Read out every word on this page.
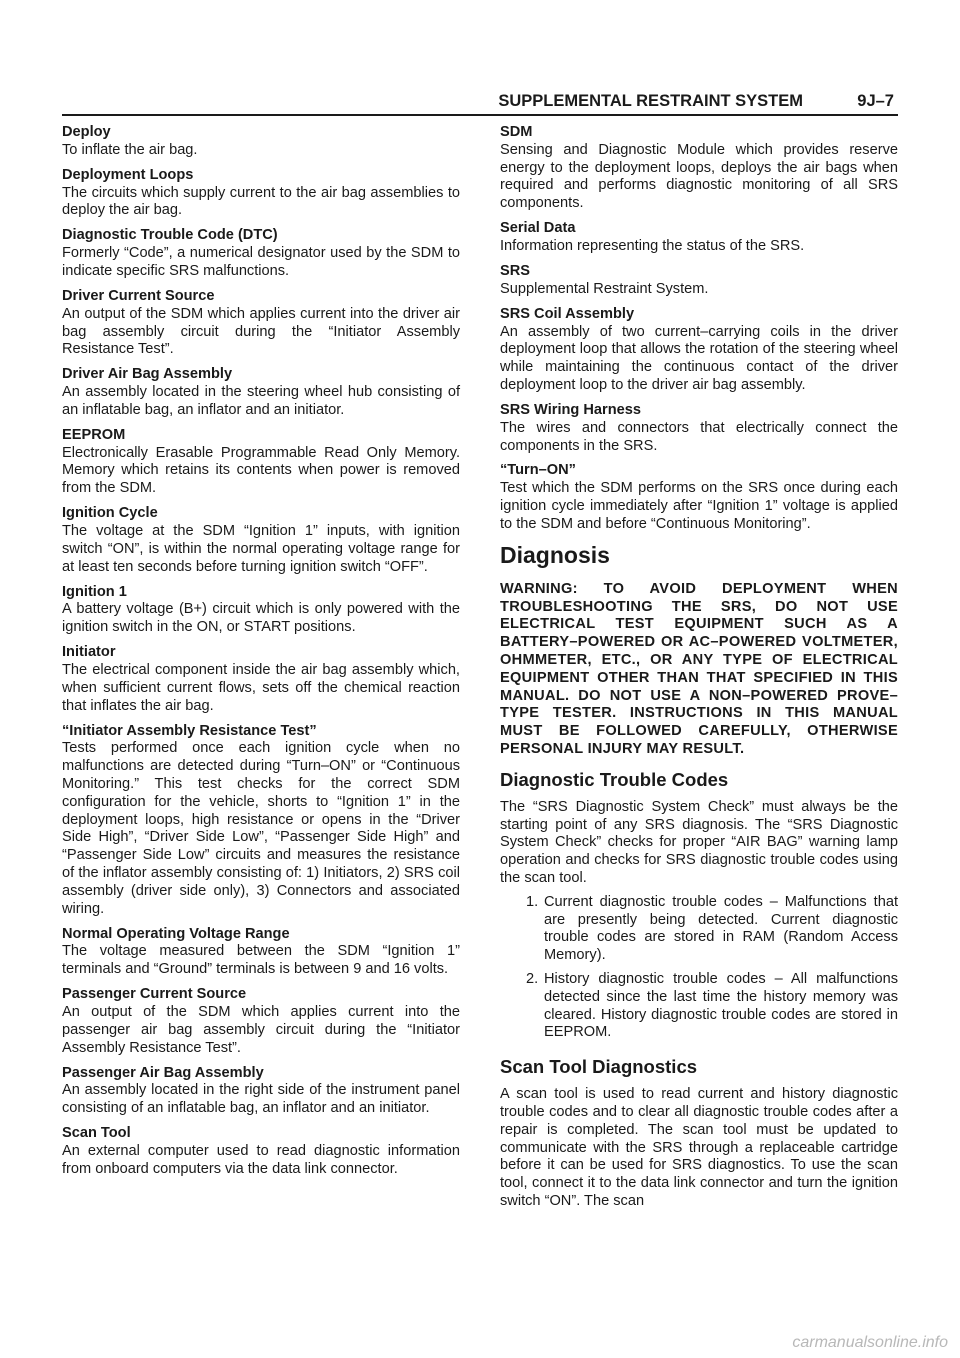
SUPPLEMENTAL RESTRAINT SYSTEM	9J–7
Deploy
To inflate the air bag.
Deployment Loops
The circuits which supply current to the air bag assemblies to deploy the air bag.
Diagnostic Trouble Code (DTC)
Formerly “Code”, a numerical designator used by the SDM to indicate specific SRS malfunctions.
Driver Current Source
An output of the SDM which applies current into the driver air bag assembly circuit during the “Initiator Assembly Resistance Test”.
Driver Air Bag Assembly
An assembly located in the steering wheel hub consisting of an inflatable bag, an inflator and an initiator.
EEPROM
Electronically Erasable Programmable Read Only Memory. Memory which retains its contents when power is removed from the SDM.
Ignition Cycle
The voltage at the SDM “Ignition 1” inputs, with ignition switch “ON”, is within the normal operating voltage range for at least ten seconds before turning ignition switch “OFF”.
Ignition 1
A battery voltage (B+) circuit which is only powered with the ignition switch in the ON, or START positions.
Initiator
The electrical component inside the air bag assembly which, when sufficient current flows, sets off the chemical reaction that inflates the air bag.
“Initiator Assembly Resistance Test”
Tests performed once each ignition cycle when no malfunctions are detected during “Turn–ON” or “Continuous Monitoring.” This test checks for the correct SDM configuration for the vehicle, shorts to “Ignition 1” in the deployment loops, high resistance or opens in the “Driver Side High”, “Driver Side Low”, “Passenger Side High” and “Passenger Side Low” circuits and measures the resistance of the inflator assembly consisting of: 1) Initiators, 2) SRS coil assembly (driver side only), 3) Connectors and associated wiring.
Normal Operating Voltage Range
The voltage measured between the SDM “Ignition 1” terminals and “Ground” terminals is between 9 and 16 volts.
Passenger Current Source
An output of the SDM which applies current into the passenger air bag assembly circuit during the “Initiator Assembly Resistance Test”.
Passenger Air Bag Assembly
An assembly located in the right side of the instrument panel consisting of an inflatable bag, an inflator and an initiator.
Scan Tool
An external computer used to read diagnostic information from onboard computers via the data link connector.
SDM
Sensing and Diagnostic Module which provides reserve energy to the deployment loops, deploys the air bags when required and performs diagnostic monitoring of all SRS components.
Serial Data
Information representing the status of the SRS.
SRS
Supplemental Restraint System.
SRS Coil Assembly
An assembly of two current–carrying coils in the driver deployment loop that allows the rotation of the steering wheel while maintaining the continuous contact of the driver deployment loop to the driver air bag assembly.
SRS Wiring Harness
The wires and connectors that electrically connect the components in the SRS.
“Turn–ON”
Test which the SDM performs on the SRS once during each ignition cycle immediately after “Ignition 1” voltage is applied to the SDM and before “Continuous Monitoring”.
Diagnosis
WARNING: TO AVOID DEPLOYMENT WHEN TROUBLESHOOTING THE SRS, DO NOT USE ELECTRICAL TEST EQUIPMENT SUCH AS A BATTERY–POWERED OR AC–POWERED VOLTMETER, OHMMETER, ETC., OR ANY TYPE OF ELECTRICAL EQUIPMENT OTHER THAN THAT SPECIFIED IN THIS MANUAL. DO NOT USE A NON–POWERED PROVE–TYPE TESTER. INSTRUCTIONS IN THIS MANUAL MUST BE FOLLOWED CAREFULLY, OTHERWISE PERSONAL INJURY MAY RESULT.
Diagnostic Trouble Codes
The “SRS Diagnostic System Check” must always be the starting point of any SRS diagnosis. The “SRS Diagnostic System Check” checks for proper “AIR BAG” warning lamp operation and checks for SRS diagnostic trouble codes using the scan tool.
1. Current diagnostic trouble codes – Malfunctions that are presently being detected. Current diagnostic trouble codes are stored in RAM (Random Access Memory).
2. History diagnostic trouble codes – All malfunctions detected since the last time the history memory was cleared. History diagnostic trouble codes are stored in EEPROM.
Scan Tool Diagnostics
A scan tool is used to read current and history diagnostic trouble codes and to clear all diagnostic trouble codes after a repair is completed. The scan tool must be updated to communicate with the SRS through a replaceable cartridge before it can be used for SRS diagnostics. To use the scan tool, connect it to the data link connector and turn the ignition switch “ON”. The scan
carmanualsonline.info
